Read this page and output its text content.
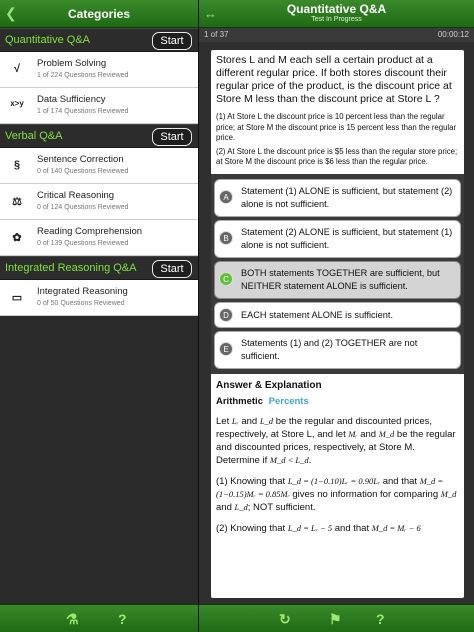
❮	Categories
Quantitative Q&A	Start
√	Problem Solving
1 of 224 Questions Reviewed
x>y Data Sufficiency
1 of 174 Questions Reviewed
Verbal Q&A	Start
§	Sentence Correction
0 of 140 Questions Reviewed
⚖
Critical Reasoning
0 of 124 Questions Reviewed
✿
Reading Comprehension
0 of 139 Questions Reviewed
Integrated Reasoning Q&A	Start
▭
Integrated Reasoning
0 of 50 Questions Reviewed
⚗	?
↔	Quantitative Q&A
Test In Progress
1 of 37	00:00:12
↻	⚑ ?
Stores L and M each sell a certain product at a different regular price. If both stores discount their regular price of the product, is the discount price at Store M less than the discount price at Store L ?
(1) At Store L the discount price is 10 percent less than the regular price; at Store M the discount price is 15 percent less than the regular price.
(2) At Store L the discount price is $5 less than the regular store price; at Store M the discount price is $6 less than the regular price.
A
Statement (1) ALONE is sufficient, but statement (2) alone is not sufficient.
B
Statement (2) ALONE is sufficient, but statement (1) alone is not sufficient.
C
BOTH statements TOGETHER are sufficient, but NEITHER statement ALONE is sufficient.
D	EACH statement ALONE is sufficient.
E
Statements (1) and (2) TOGETHER are not sufficient.
Answer & Explanation
Arithmetic Percents

Let Lᵣ and L_d be the regular and discounted prices, respectively, at Store L, and let Mᵣ and M_d be the regular and discounted prices, respectively, at Store M. Determine if M_d < L_d.

(1) Knowing that L_d = (1−0.10)Lᵣ = 0.90Lᵣ and that M_d = (1−0.15)Mᵣ = 0.85Mᵣ gives no information for comparing M_d and L_d; NOT sufficient.

(2) Knowing that L_d = Lᵣ − 5 and that M_d = Mᵣ − 6
